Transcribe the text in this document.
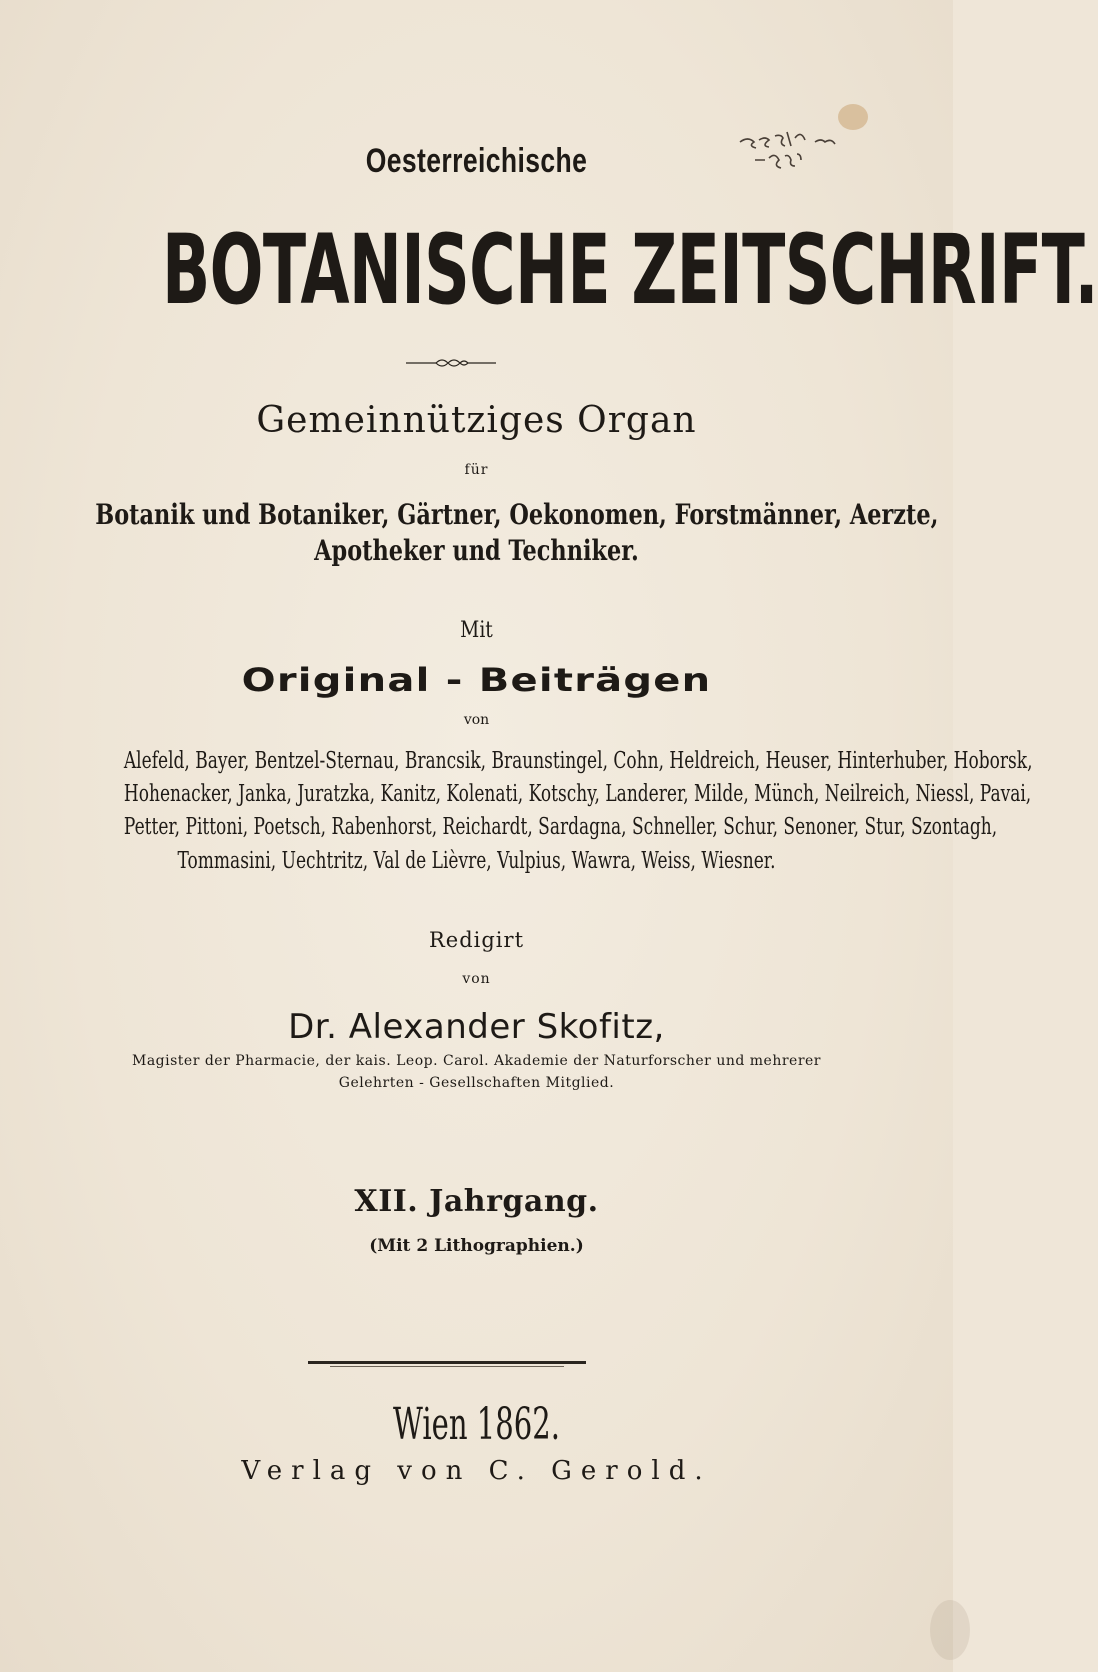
Oesterreichische
BOTANISCHE ZEITSCHRIFT.
Gemeinnütziges Organ
für
Botanik und Botaniker, Gärtner, Oekonomen, Forstmänner, Aerzte,
Apotheker und Techniker.
Mit
Original - Beiträgen
von
Alefeld, Bayer, Bentzel-Sternau, Brancsik, Braunstingel, Cohn, Heldreich, Heuser, Hinterhuber, Hoborsk,
Hohenacker, Janka, Juratzka, Kanitz, Kolenati, Kotschy, Landerer, Milde, Münch, Neilreich, Niessl, Pavai,
Petter, Pittoni, Poetsch, Rabenhorst, Reichardt, Sardagna, Schneller, Schur, Senoner, Stur, Szontagh,
Tommasini, Uechtritz, Val de Lièvre, Vulpius, Wawra, Weiss, Wiesner.
Redigirt
von
Dr. Alexander Skofitz,
Magister der Pharmacie, der kais. Leop. Carol. Akademie der Naturforscher und mehrerer
Gelehrten - Gesellschaften Mitglied.
XII. Jahrgang.
(Mit 2 Lithographien.)
Wien 1862.
Verlag von C. Gerold.
